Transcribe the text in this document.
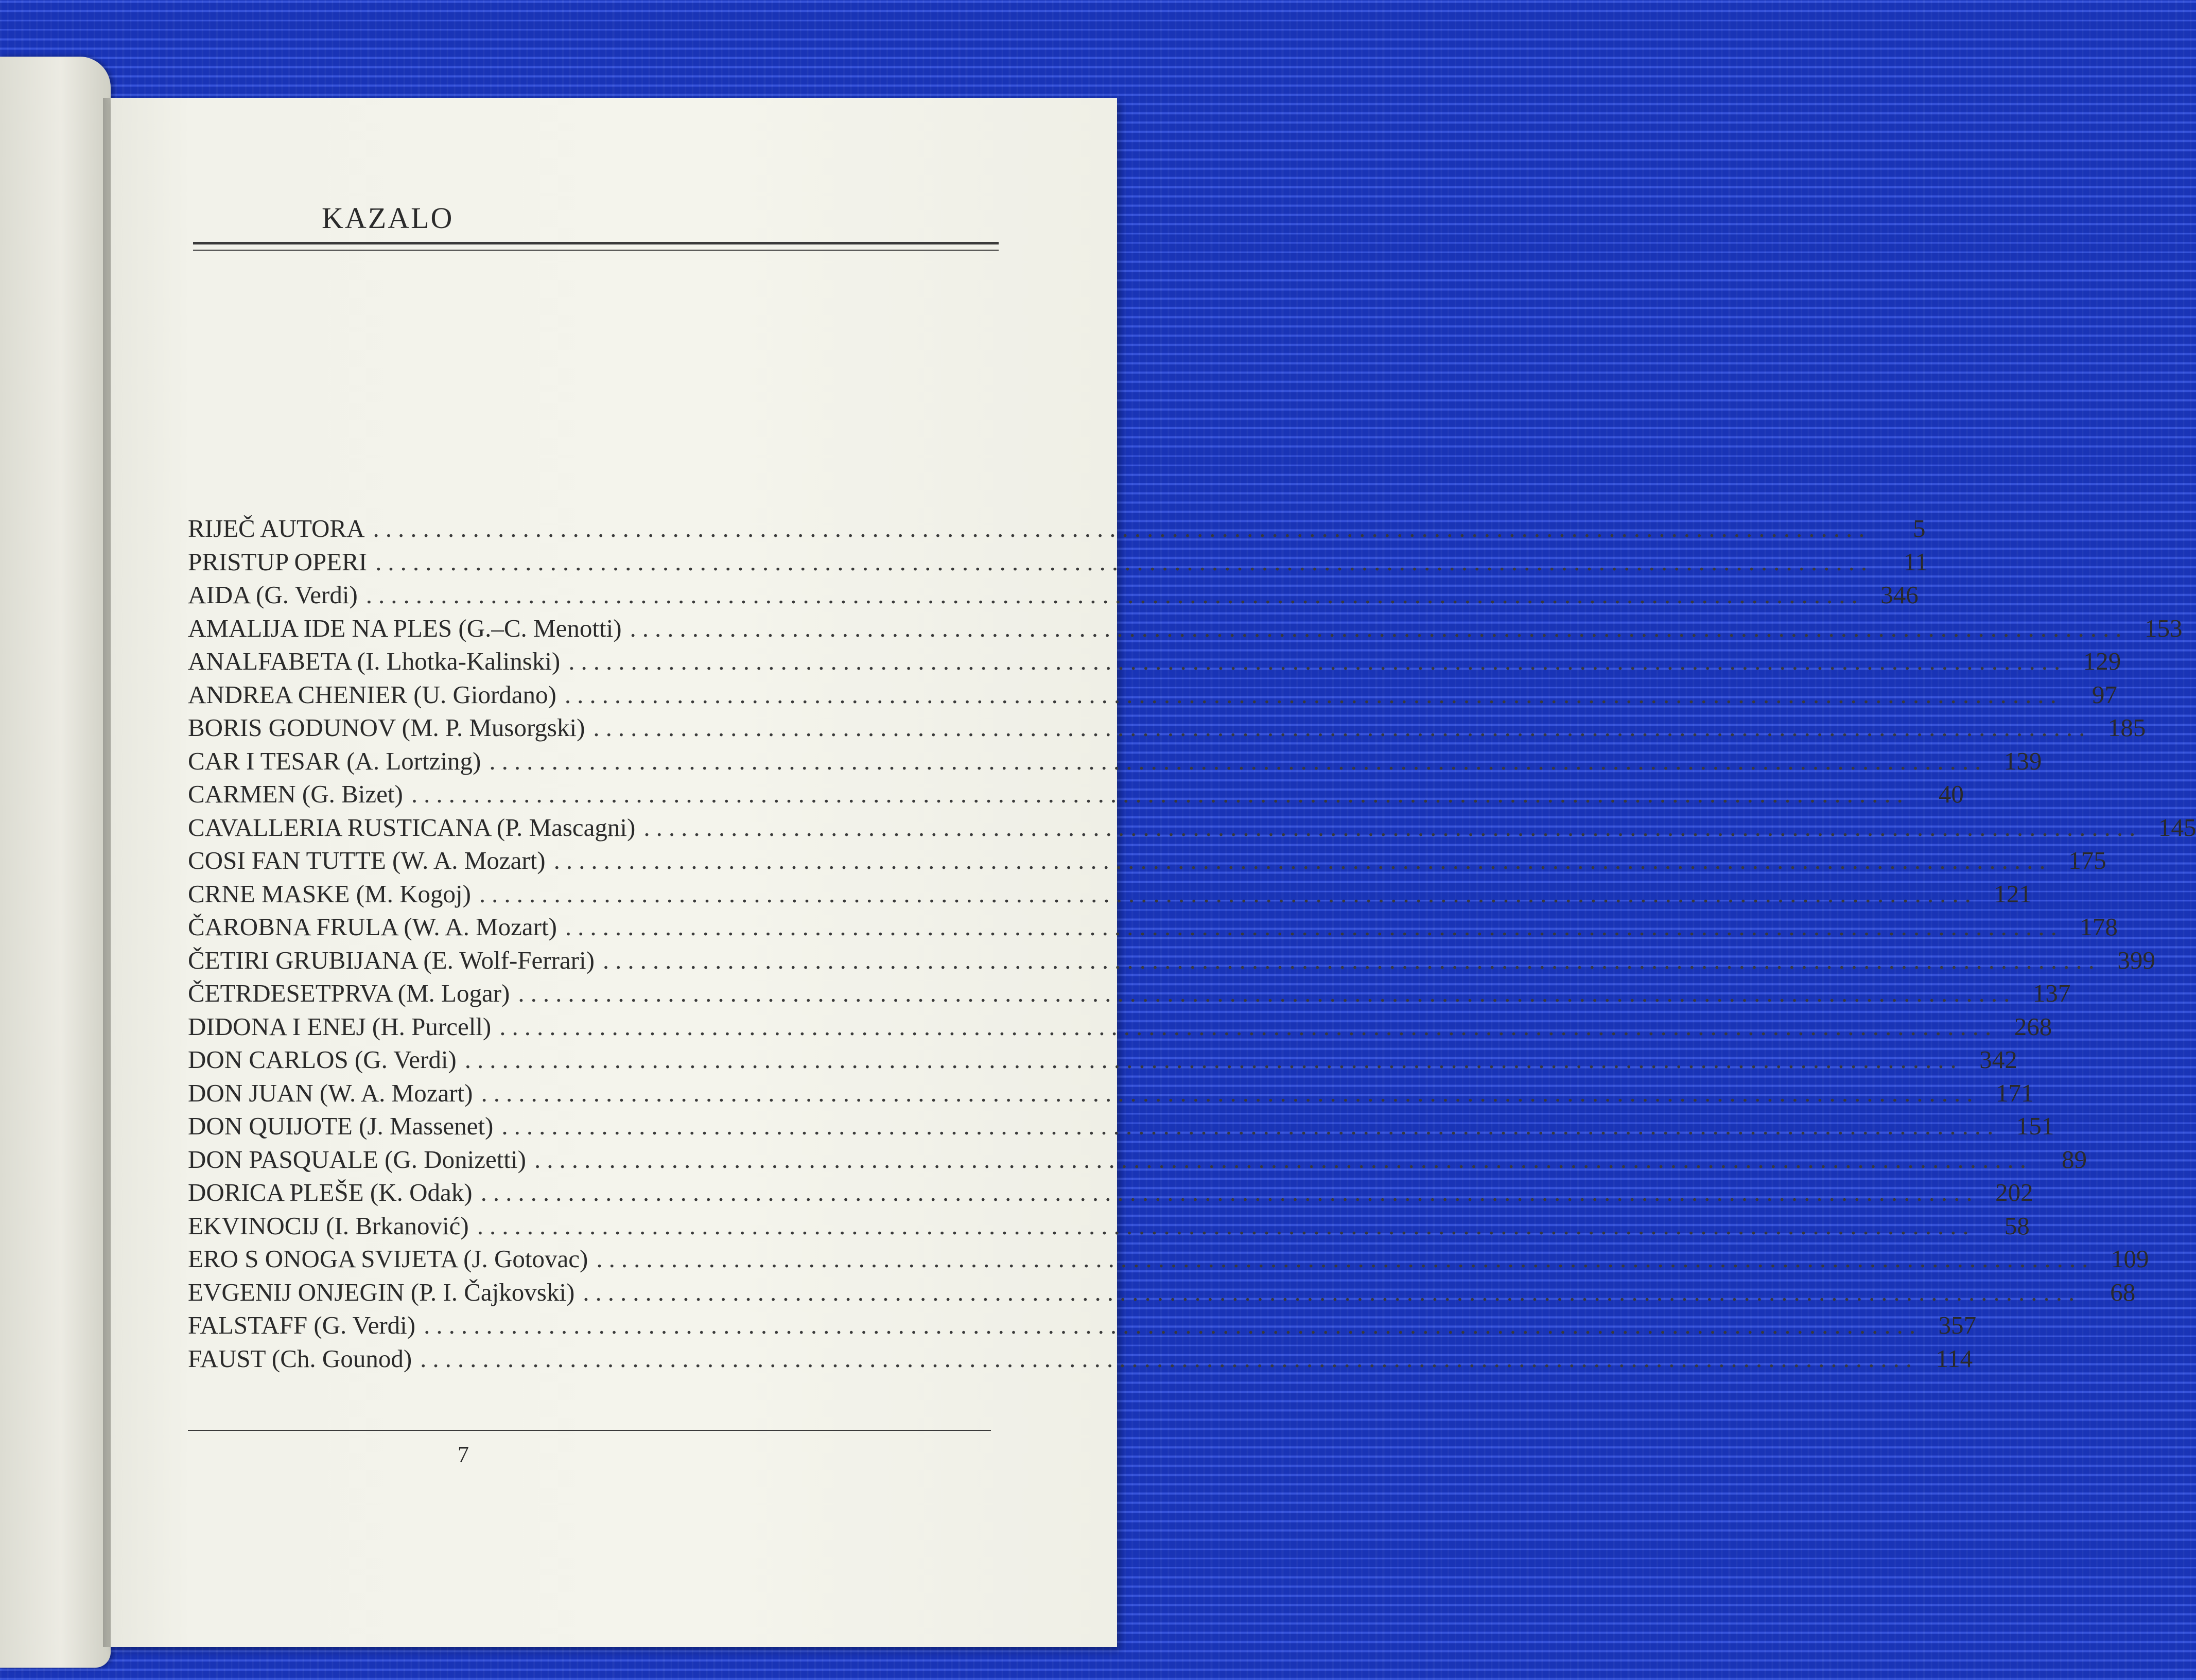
KAZALO
RIJEČ AUTORA ........................................................................................................................	5
PRISTUP OPERI ........................................................................................................................	11
AIDA (G. Verdi) ........................................................................................................................ 346
AMALIJA IDE NA PLES (G.–C. Menotti) ........................................................................................................................ 153
ANALFABETA (I. Lhotka-Kalinski) ........................................................................................................................ 129
ANDREA CHENIER (U. Giordano) ........................................................................................................................	97
BORIS GODUNOV (M. P. Musorgski) ........................................................................................................................ 185
CAR I TESAR (A. Lortzing) ........................................................................................................................ 139
CARMEN (G. Bizet) ........................................................................................................................	40
CAVALLERIA RUSTICANA (P. Mascagni) ........................................................................................................................ 145
COSI FAN TUTTE (W. A. Mozart) ........................................................................................................................ 175
CRNE MASKE (M. Kogoj) ........................................................................................................................ 121
ČAROBNA FRULA (W. A. Mozart) ........................................................................................................................ 178
ČETIRI GRUBIJANA (E. Wolf-Ferrari) ........................................................................................................................ 399
ČETRDESETPRVA (M. Logar) ........................................................................................................................ 137
DIDONA I ENEJ (H. Purcell) ........................................................................................................................ 268
DON CARLOS (G. Verdi) ........................................................................................................................ 342
DON JUAN (W. A. Mozart) ........................................................................................................................ 171
DON QUIJOTE (J. Massenet) ........................................................................................................................ 151
DON PASQUALE (G. Donizetti) ........................................................................................................................	89
DORICA PLEŠE (K. Odak) ........................................................................................................................ 202
EKVINOCIJ (I. Brkanović) ........................................................................................................................	58
ERO S ONOGA SVIJETA (J. Gotovac) ........................................................................................................................ 109
EVGENIJ ONJEGIN (P. I. Čajkovski) ........................................................................................................................	68
FALSTAFF (G. Verdi) ........................................................................................................................ 357
FAUST (Ch. Gounod) ........................................................................................................................ 114
7
